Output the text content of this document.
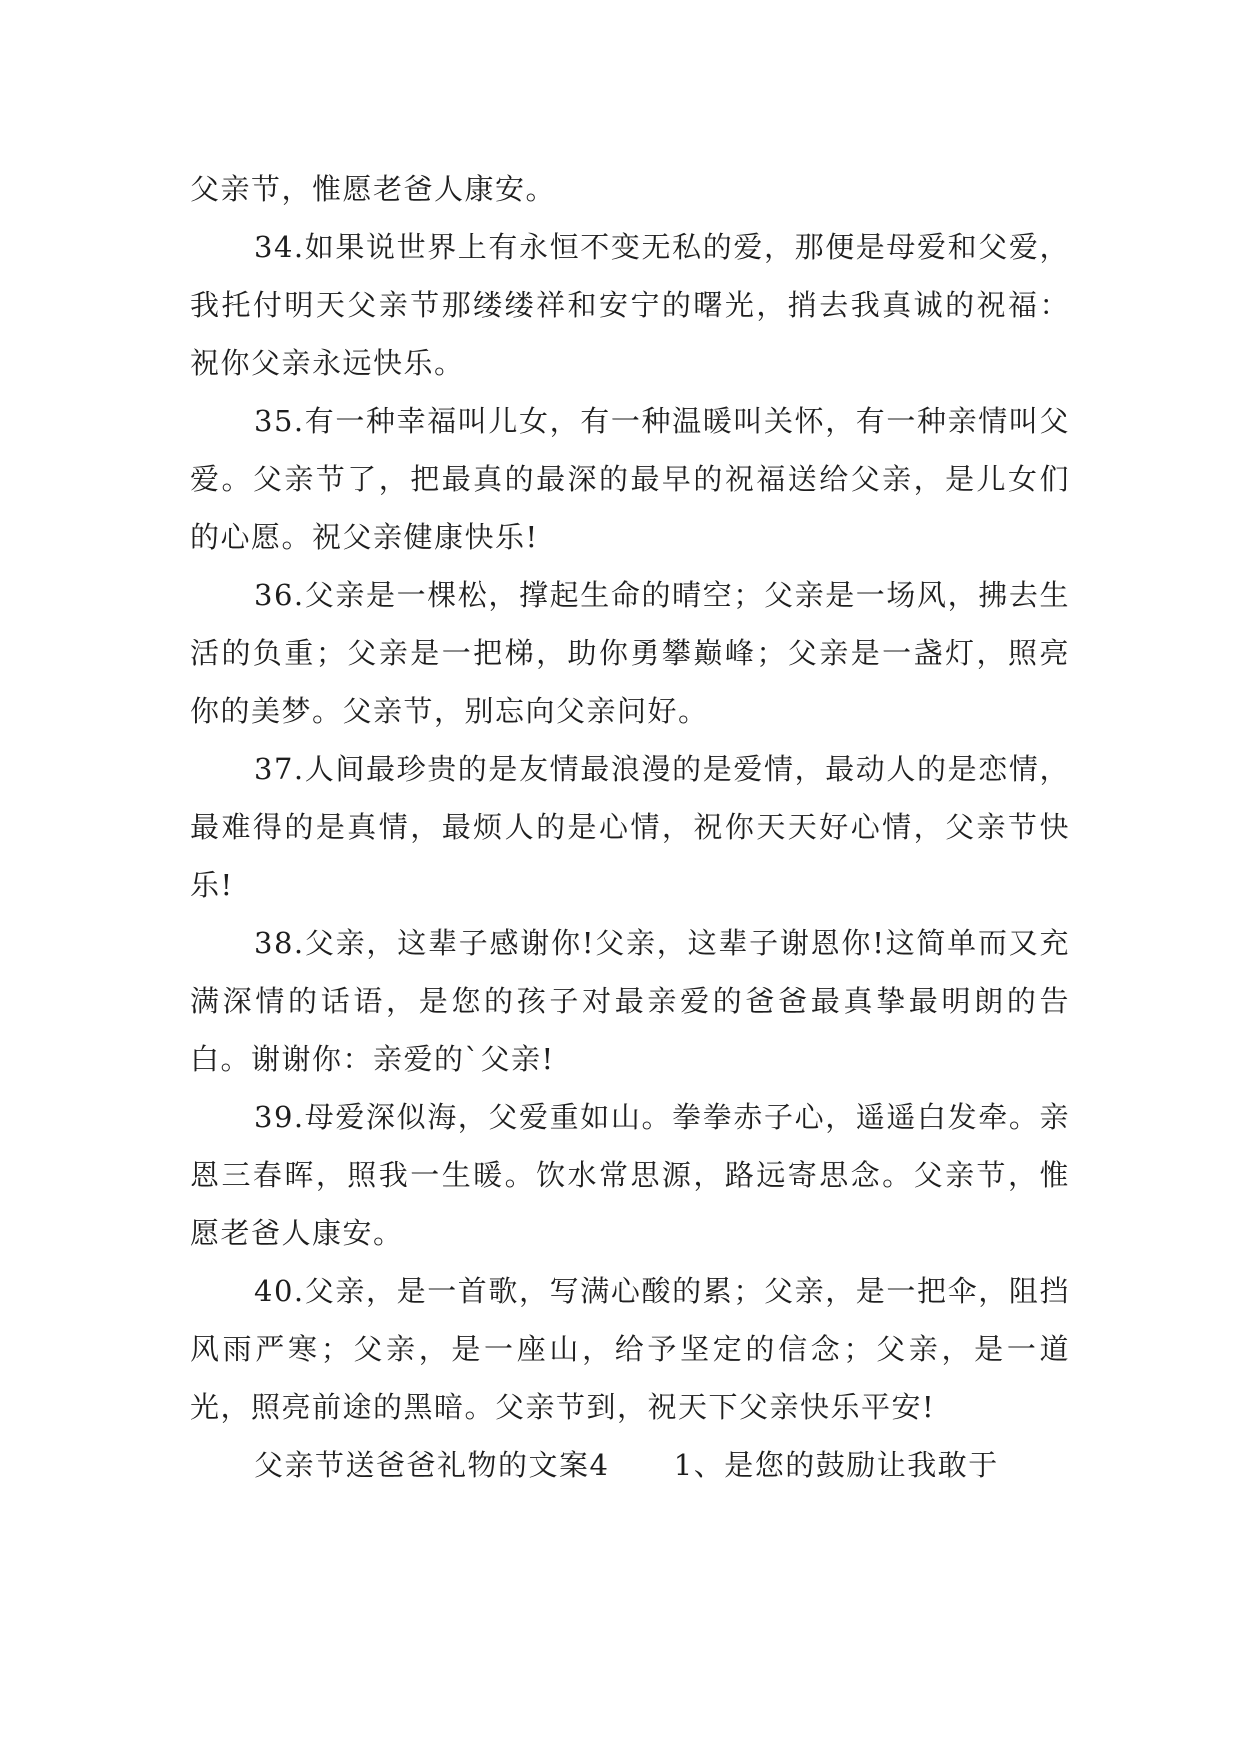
父亲节，惟愿老爸人康安。

34.如果说世界上有永恒不变无私的爱，那便是母爱和父爱，我托付明天父亲节那缕缕祥和安宁的曙光，捎去我真诚的祝福：祝你父亲永远快乐。

35.有一种幸福叫儿女，有一种温暖叫关怀，有一种亲情叫父爱。父亲节了，把最真的最深的最早的祝福送给父亲，是儿女们的心愿。祝父亲健康快乐!

36.父亲是一棵松，撑起生命的晴空；父亲是一场风，拂去生活的负重；父亲是一把梯，助你勇攀巅峰；父亲是一盏灯，照亮你的美梦。父亲节，别忘向父亲问好。

37.人间最珍贵的是友情最浪漫的是爱情，最动人的是恋情，最难得的是真情，最烦人的是心情，祝你天天好心情，父亲节快乐!

38.父亲，这辈子感谢你!父亲，这辈子谢恩你!这简单而又充满深情的话语，是您的孩子对最亲爱的爸爸最真挚最明朗的告白。谢谢你：亲爱的`父亲!

39.母爱深似海，父爱重如山。拳拳赤子心，遥遥白发牵。亲恩三春晖，照我一生暖。饮水常思源，路远寄思念。父亲节，惟愿老爸人康安。

40.父亲，是一首歌，写满心酸的累；父亲，是一把伞，阻挡风雨严寒；父亲，是一座山，给予坚定的信念；父亲，是一道光，照亮前途的黑暗。父亲节到，祝天下父亲快乐平安!

父亲节送爸爸礼物的文案4 1、是您的鼓励让我敢于
